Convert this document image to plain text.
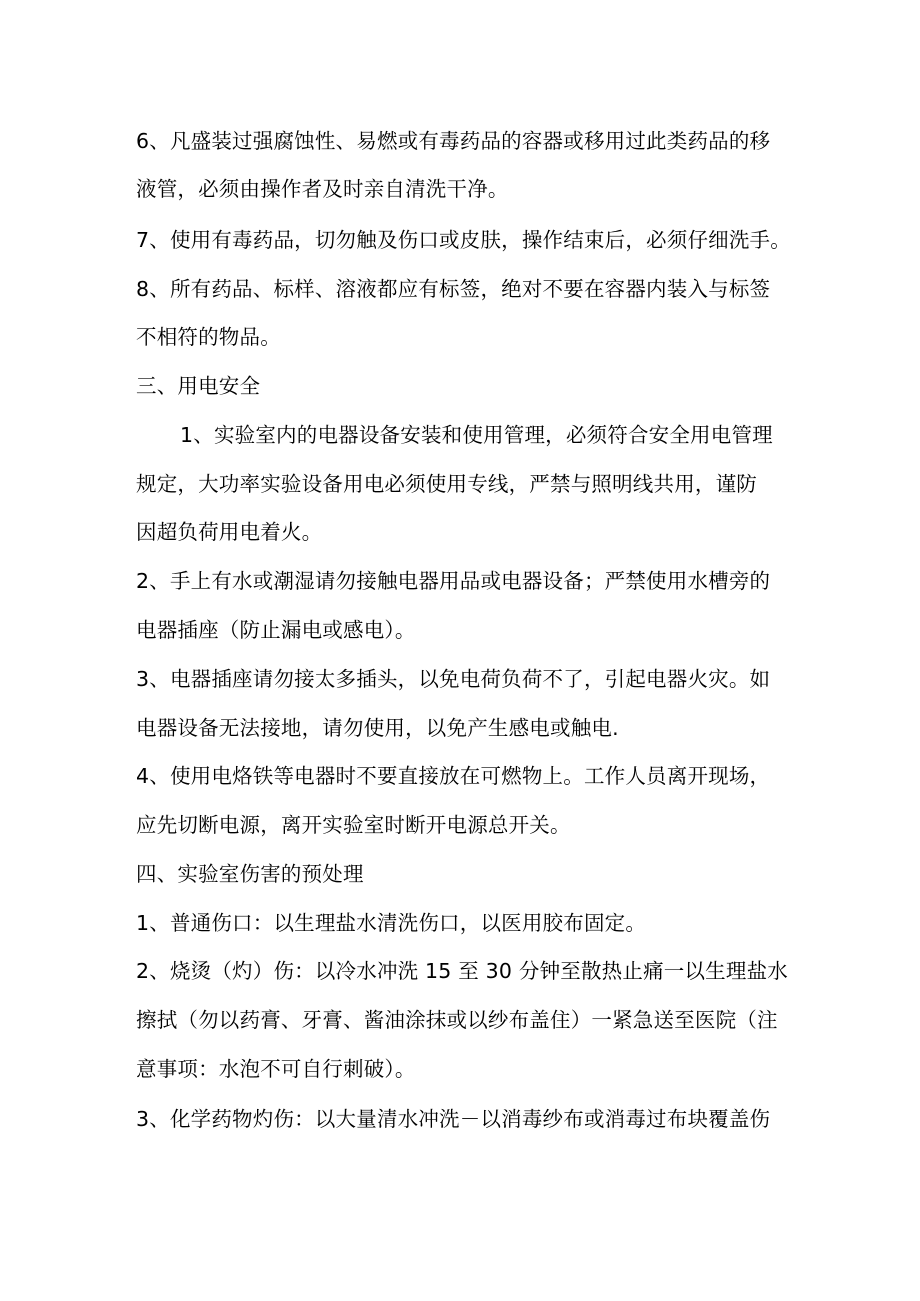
6、凡盛装过强腐蚀性、易燃或有毒药品的容器或移用过此类药品的移
液管，必须由操作者及时亲自清洗干净。
7、使用有毒药品，切勿触及伤口或皮肤，操作结束后，必须仔细洗手。
8、所有药品、标样、溶液都应有标签，绝对不要在容器内装入与标签
不相符的物品。
三、用电安全
1、实验室内的电器设备安装和使用管理，必须符合安全用电管理
规定，大功率实验设备用电必须使用专线，严禁与照明线共用，谨防
因超负荷用电着火。
2、手上有水或潮湿请勿接触电器用品或电器设备；严禁使用水槽旁的
电器插座（防止漏电或感电）。
3、电器插座请勿接太多插头，以免电荷负荷不了，引起电器火灾。如
电器设备无法接地，请勿使用，以免产生感电或触电.
4、使用电烙铁等电器时不要直接放在可燃物上。工作人员离开现场，
应先切断电源，离开实验室时断开电源总开关。
四、实验室伤害的预处理
1、普通伤口：以生理盐水清洗伤口，以医用胶布固定。
2、烧烫（灼）伤：以冷水冲洗 15 至 30 分钟至散热止痛一以生理盐水
擦拭（勿以药膏、牙膏、酱油涂抹或以纱布盖住）一紧急送至医院（注
意事项：水泡不可自行刺破）。
3、化学药物灼伤：以大量清水冲洗－以消毒纱布或消毒过布块覆盖伤
